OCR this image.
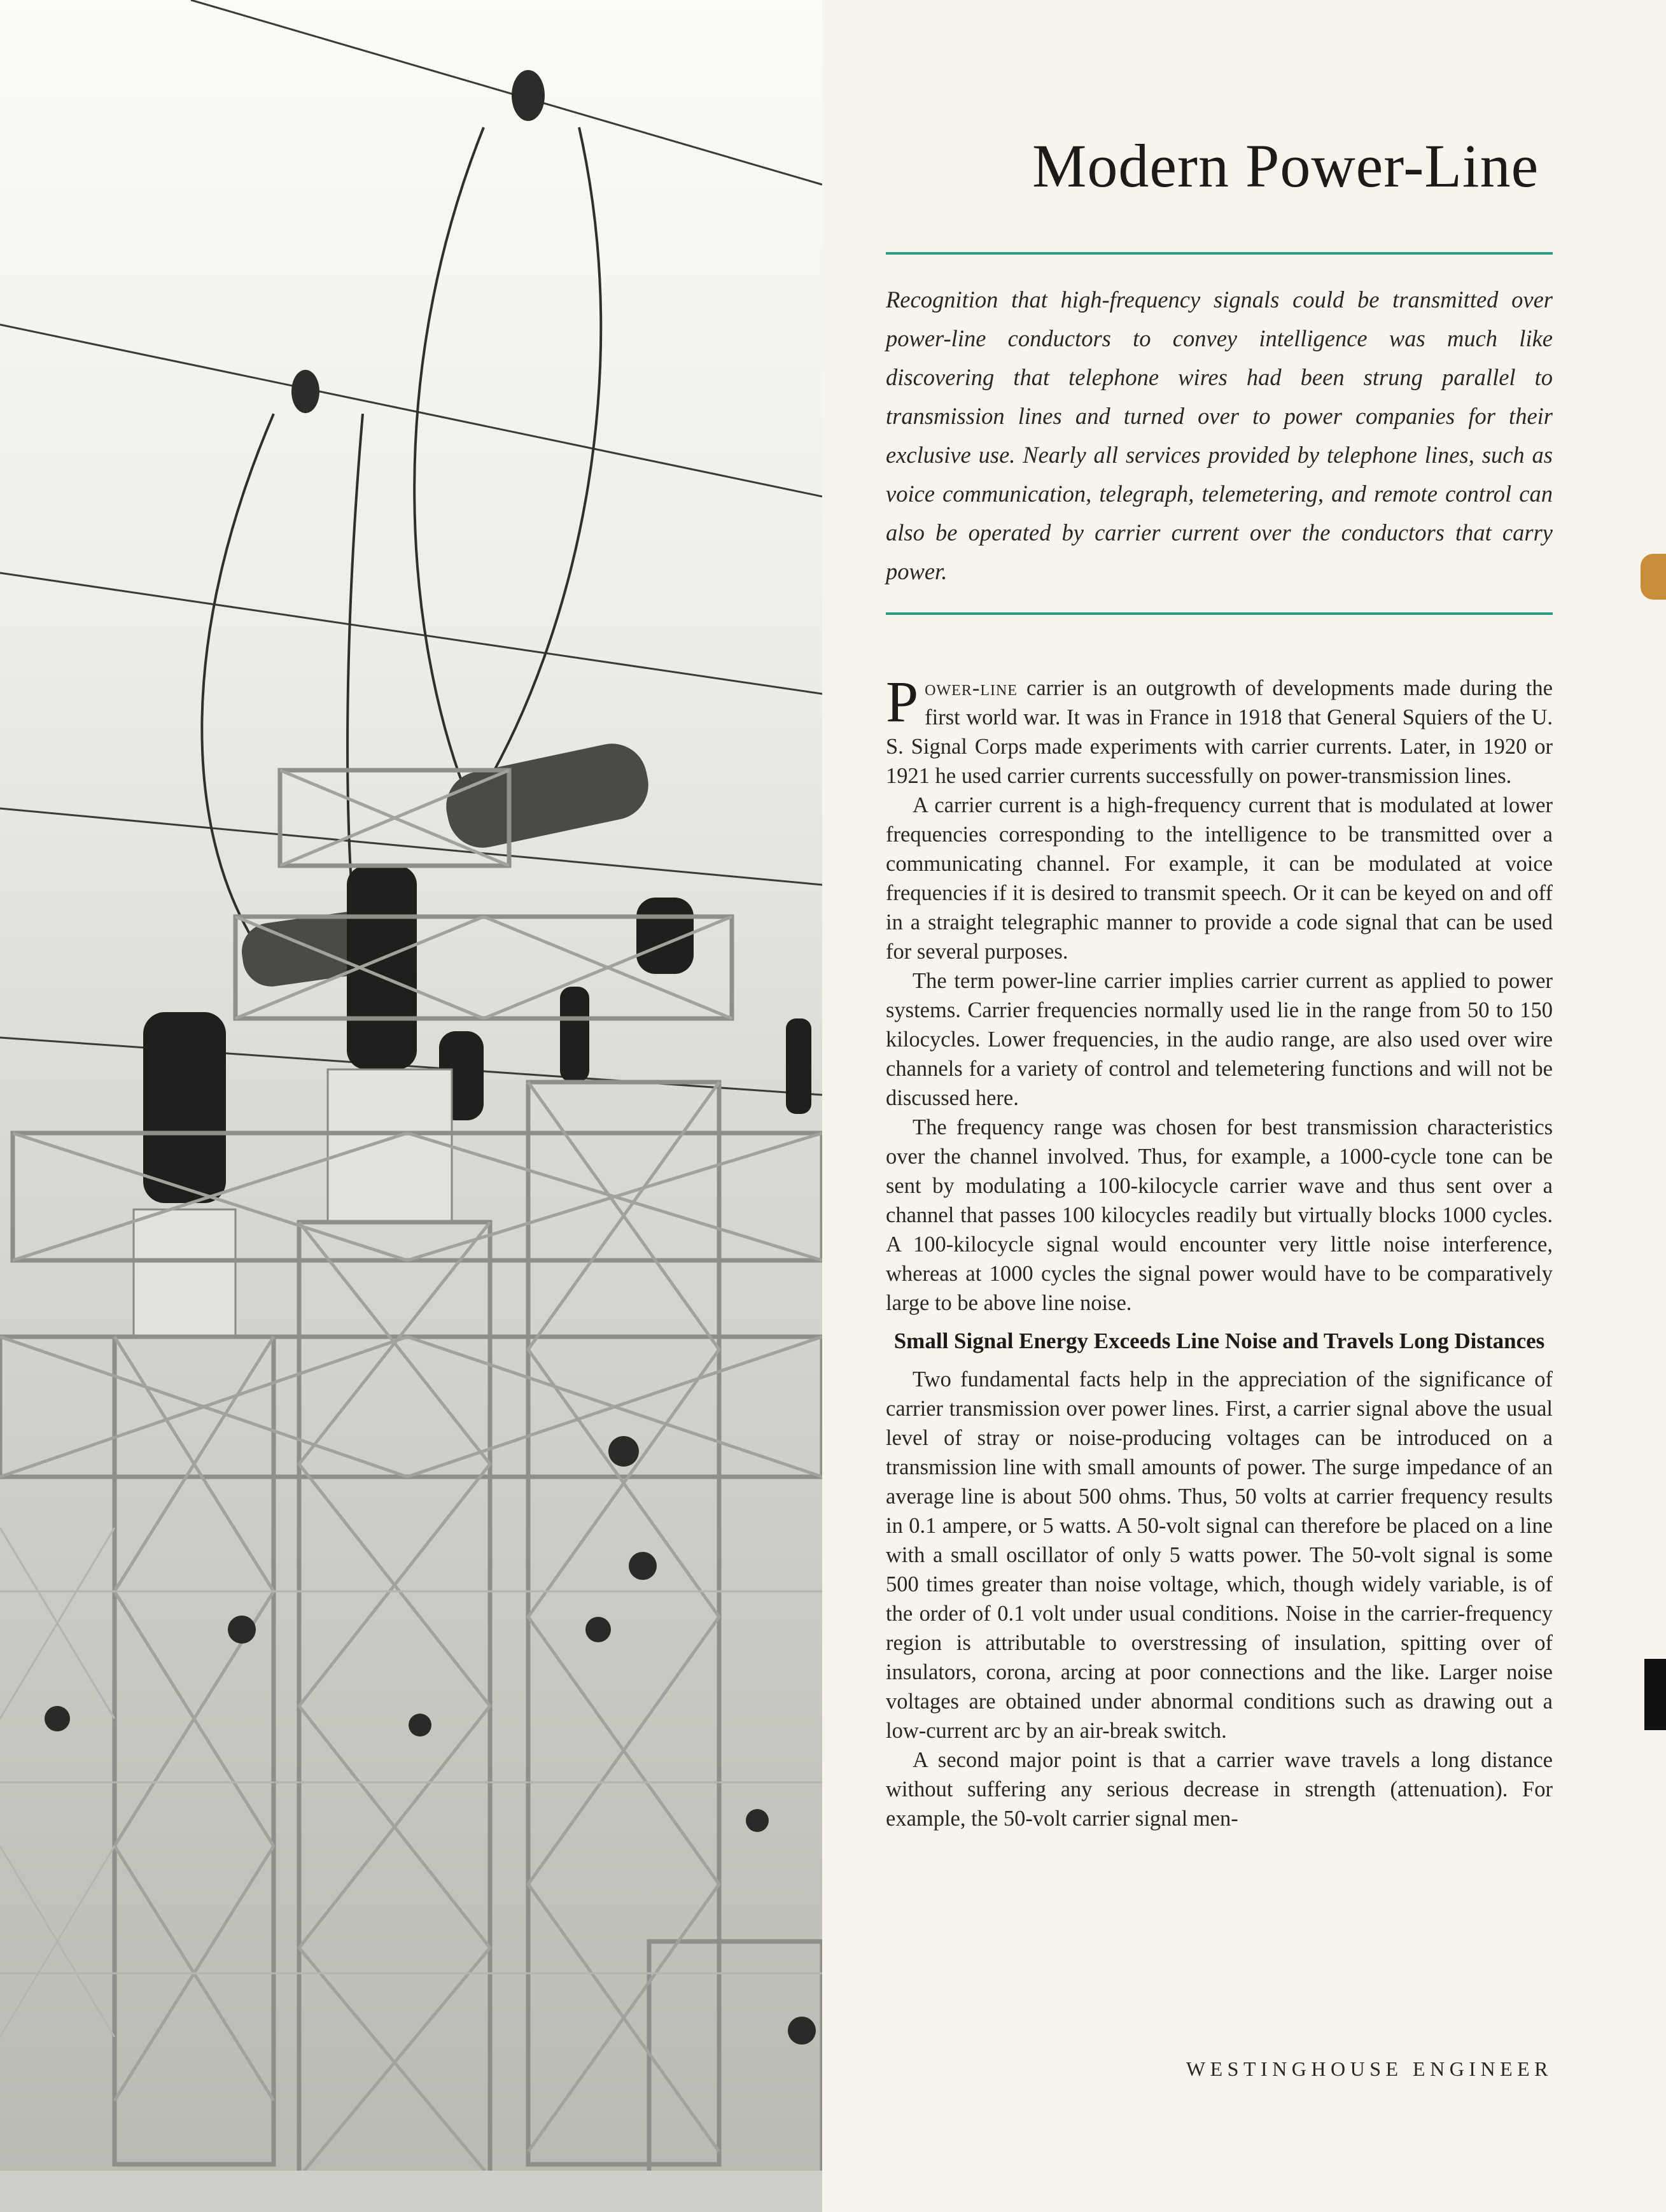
Modern Power-Line

Recognition that high-frequency signals could be transmitted over power-line conductors to convey intelligence was much like discovering that telephone wires had been strung parallel to transmission lines and turned over to power companies for their exclusive use. Nearly all services provided by telephone lines, such as voice communication, telegraph, telemetering, and remote control can also be operated by carrier current over the conductors that carry power.

Power-line carrier is an outgrowth of developments made during the first world war. It was in France in 1918 that General Squiers of the U. S. Signal Corps made experiments with carrier currents. Later, in 1920 or 1921 he used carrier currents successfully on power-transmission lines.

A carrier current is a high-frequency current that is modulated at lower frequencies corresponding to the intelligence to be transmitted over a communicating channel. For example, it can be modulated at voice frequencies if it is desired to transmit speech. Or it can be keyed on and off in a straight telegraphic manner to provide a code signal that can be used for several purposes.

The term power-line carrier implies carrier current as applied to power systems. Carrier frequencies normally used lie in the range from 50 to 150 kilocycles. Lower frequencies, in the audio range, are also used over wire channels for a variety of control and telemetering functions and will not be discussed here.

The frequency range was chosen for best transmission characteristics over the channel involved. Thus, for example, a 1000-cycle tone can be sent by modulating a 100-kilocycle carrier wave and thus sent over a channel that passes 100 kilocycles readily but virtually blocks 1000 cycles. A 100-kilocycle signal would encounter very little noise interference, whereas at 1000 cycles the signal power would have to be comparatively large to be above line noise.

Small Signal Energy Exceeds Line Noise and Travels Long Distances

Two fundamental facts help in the appreciation of the significance of carrier transmission over power lines. First, a carrier signal above the usual level of stray or noise-producing voltages can be introduced on a transmission line with small amounts of power. The surge impedance of an average line is about 500 ohms. Thus, 50 volts at carrier frequency results in 0.1 ampere, or 5 watts. A 50-volt signal can therefore be placed on a line with a small oscillator of only 5 watts power. The 50-volt signal is some 500 times greater than noise voltage, which, though widely variable, is of the order of 0.1 volt under usual conditions. Noise in the carrier-frequency region is attributable to overstressing of insulation, spitting over of insulators, corona, arcing at poor connections and the like. Larger noise voltages are obtained under abnormal conditions such as drawing out a low-current arc by an air-break switch.

A second major point is that a carrier wave travels a long distance without suffering any serious decrease in strength (attenuation). For example, the 50-volt carrier signal men-

WESTINGHOUSE ENGINEER
